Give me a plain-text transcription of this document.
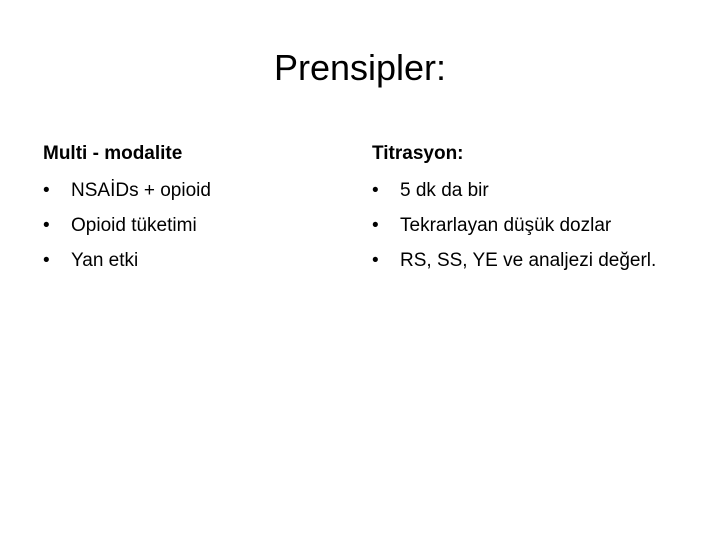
Prensipler:
Multi - modalite
•	NSAİDs + opioid
•	Opioid tüketimi
•	Yan etki
Titrasyon:
•	5 dk da bir
•	Tekrarlayan düşük dozlar
•	RS, SS, YE ve analjezi değerl.
